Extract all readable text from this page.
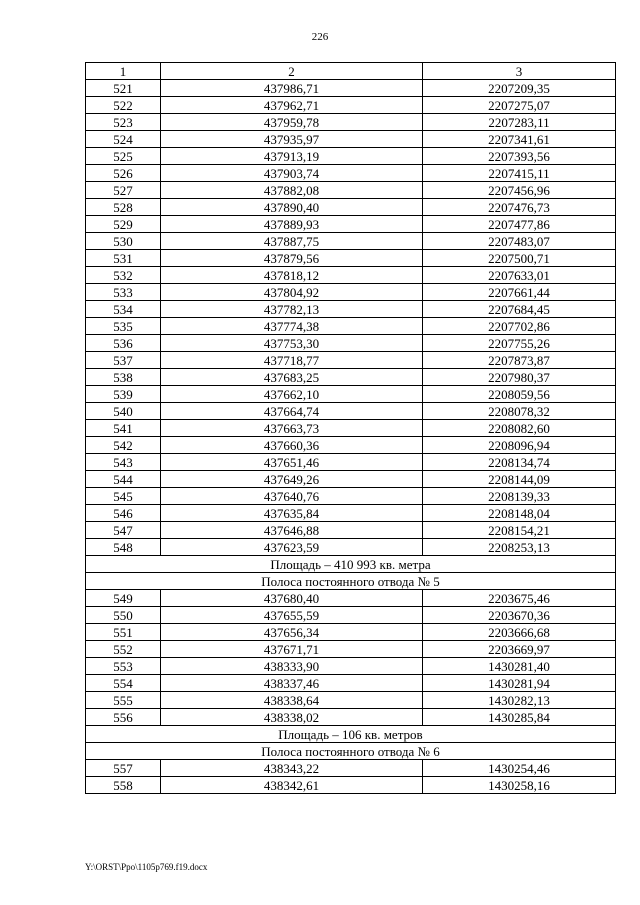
226
1	2	3
521	437986,71	2207209,35
522	437962,71	2207275,07
523	437959,78	2207283,11
524	437935,97	2207341,61
525	437913,19	2207393,56
526	437903,74	2207415,11
527	437882,08	2207456,96
528	437890,40	2207476,73
529	437889,93	2207477,86
530	437887,75	2207483,07
531	437879,56	2207500,71
532	437818,12	2207633,01
533	437804,92	2207661,44
534	437782,13	2207684,45
535	437774,38	2207702,86
536	437753,30	2207755,26
537	437718,77	2207873,87
538	437683,25	2207980,37
539	437662,10	2208059,56
540	437664,74	2208078,32
541	437663,73	2208082,60
542	437660,36	2208096,94
543	437651,46	2208134,74
544	437649,26	2208144,09
545	437640,76	2208139,33
546	437635,84	2208148,04
547	437646,88	2208154,21
548	437623,59	2208253,13
Площадь – 410 993 кв. метра		
Полоса постоянного отвода № 5		
549	437680,40	2203675,46
550	437655,59	2203670,36
551	437656,34	2203666,68
552	437671,71	2203669,97
553	438333,90	1430281,40
554	438337,46	1430281,94
555	438338,64	1430282,13
556	438338,02	1430285,84
Площадь – 106 кв. метров		
Полоса постоянного отвода № 6		
557	438343,22	1430254,46
558	438342,61	1430258,16
Y:\ORST\Ppo\1105p769.f19.docx
